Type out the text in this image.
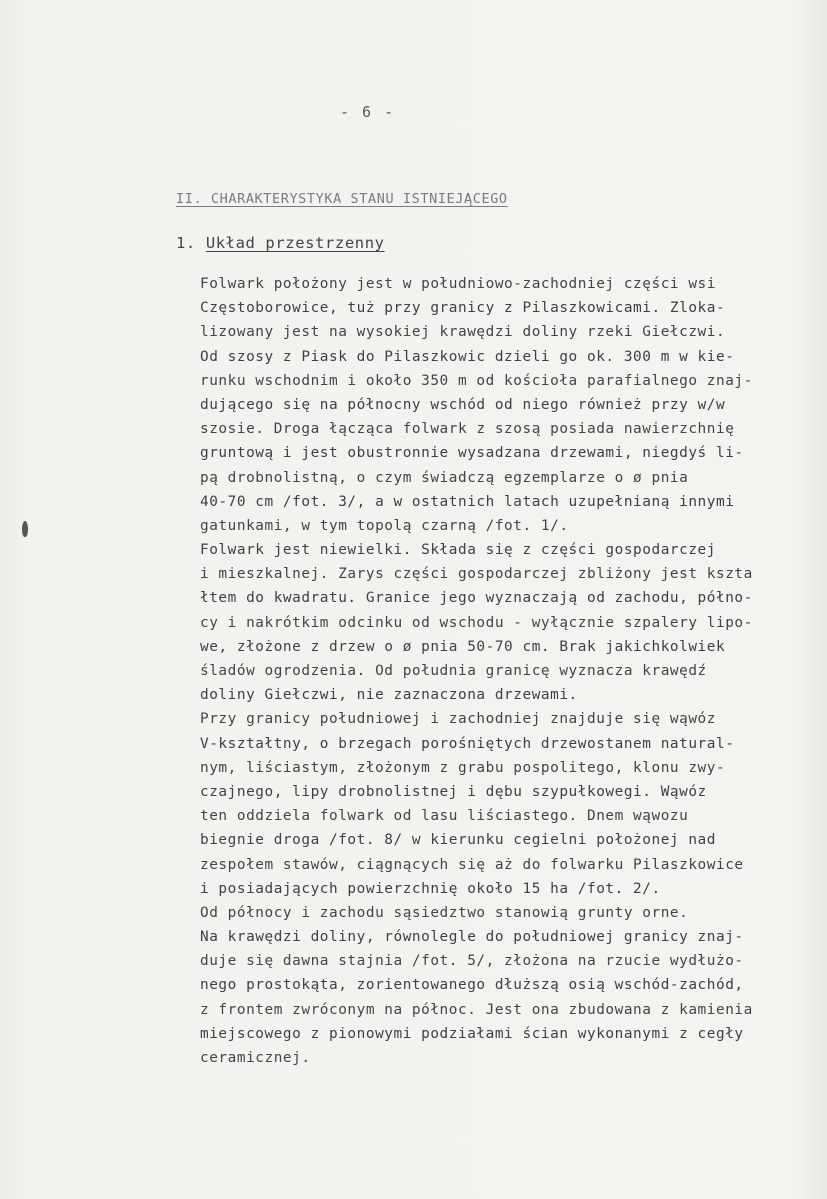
- 6 -
II. CHARAKTERYSTYKA STANU ISTNIEJĄCEGO
1. Układ przestrzenny
Folwark położony jest w południowo-zachodniej części wsi
Częstoborowice, tuż przy granicy z Pilaszkowicami. Zloka-
lizowany jest na wysokiej krawędzi doliny rzeki Giełczwi.
Od szosy z Piask do Pilaszkowic dzieli go ok. 300 m w kie-
runku wschodnim i około 350 m od kościoła parafialnego znaj-
dującego się na północny wschód od niego również przy w/w
szosie. Droga łącząca folwark z szosą posiada nawierzchnię
gruntową i jest obustronnie wysadzana drzewami, niegdyś li-
pą drobnolistną, o czym świadczą egzemplarze o ø pnia
40-70 cm /fot. 3/, a w ostatnich latach uzupełnianą innymi
gatunkami, w tym topolą czarną /fot. 1/.
Folwark jest niewielki. Składa się z części gospodarczej
i mieszkalnej. Zarys części gospodarczej zbliżony jest kszta
łtem do kwadratu. Granice jego wyznaczają od zachodu, półno-
cy i nakrótkim odcinku od wschodu - wyłącznie szpalery lipo-
we, złożone z drzew o ø pnia 50-70 cm. Brak jakichkolwiek
śladów ogrodzenia. Od południa granicę wyznacza krawędź
doliny Giełczwi, nie zaznaczona drzewami.
Przy granicy południowej i zachodniej znajduje się wąwóz
V-kształtny, o brzegach porośniętych drzewostanem natural-
nym, liściastym, złożonym z grabu pospolitego, klonu zwy-
czajnego, lipy drobnolistnej i dębu szypułkowegi. Wąwóz
ten oddziela folwark od lasu liściastego. Dnem wąwozu
biegnie droga /fot. 8/ w kierunku cegielni położonej nad
zespołem stawów, ciągnących się aż do folwarku Pilaszkowice
i posiadających powierzchnię około 15 ha /fot. 2/.
Od północy i zachodu sąsiedztwo stanowią grunty orne.
Na krawędzi doliny, równolegle do południowej granicy znaj-
duje się dawna stajnia /fot. 5/, złożona na rzucie wydłużo-
nego prostokąta, zorientowanego dłuższą osią wschód-zachód,
z frontem zwróconym na północ. Jest ona zbudowana z kamienia
miejscowego z pionowymi podziałami ścian wykonanymi z cegły
ceramicznej.
